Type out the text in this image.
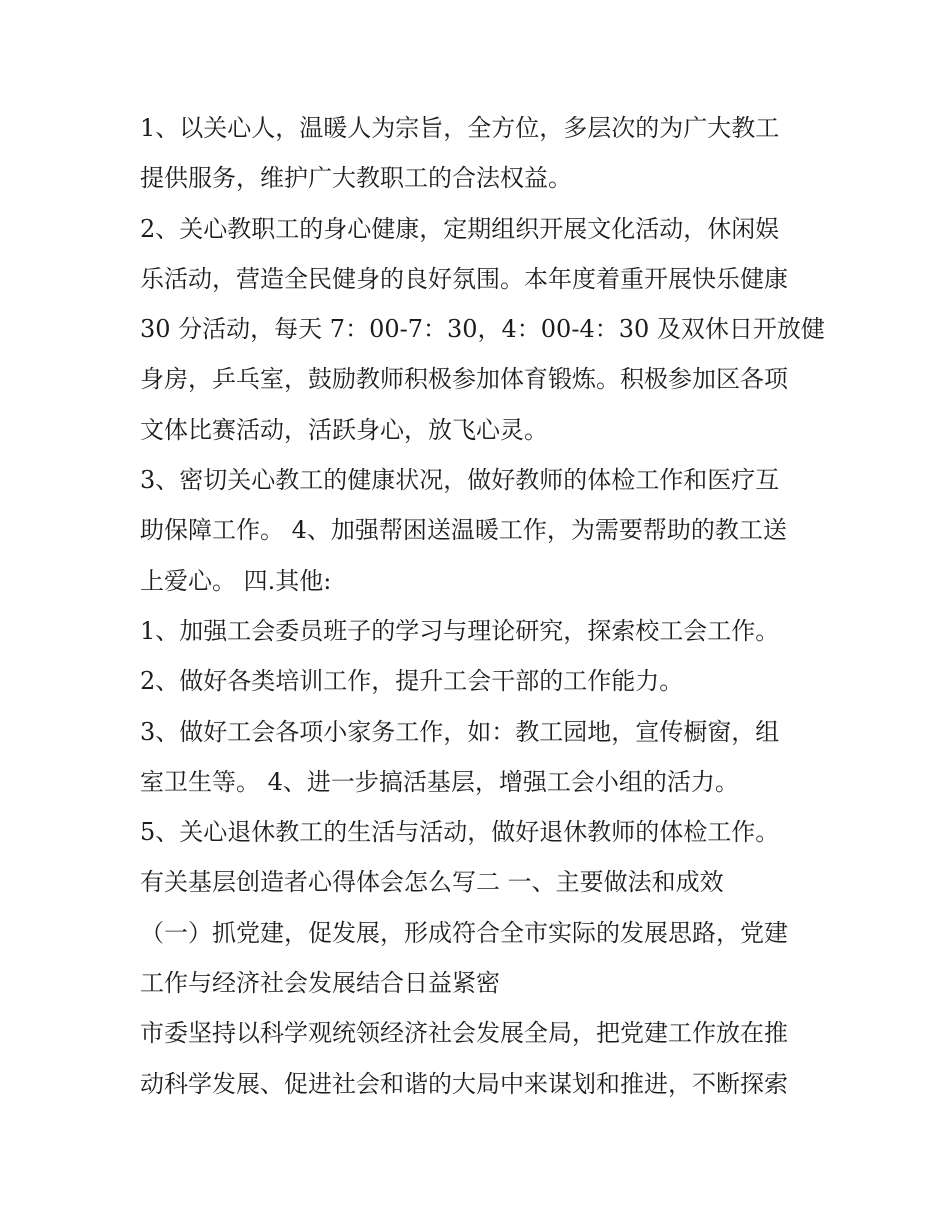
1、以关心人，温暖人为宗旨，全方位，多层次的为广大教工
提供服务，维护广大教职工的合法权益。
2、关心教职工的身心健康，定期组织开展文化活动，休闲娱
乐活动，营造全民健身的良好氛围。本年度着重开展快乐健康
30 分活动，每天 7：00-7：30，4：00-4：30 及双休日开放健
身房，乒乓室，鼓励教师积极参加体育锻炼。积极参加区各项
文体比赛活动，活跃身心，放飞心灵。
3、密切关心教工的健康状况，做好教师的体检工作和医疗互
助保障工作。 4、加强帮困送温暖工作，为需要帮助的教工送
上爱心。 四.其他:
1、加强工会委员班子的学习与理论研究，探索校工会工作。
2、做好各类培训工作，提升工会干部的工作能力。
3、做好工会各项小家务工作，如：教工园地，宣传橱窗，组
室卫生等。 4、进一步搞活基层，增强工会小组的活力。
5、关心退休教工的生活与活动，做好退休教师的体检工作。
有关基层创造者心得体会怎么写二 一、主要做法和成效
（一）抓党建，促发展，形成符合全市实际的发展思路，党建
工作与经济社会发展结合日益紧密
市委坚持以科学观统领经济社会发展全局，把党建工作放在推
动科学发展、促进社会和谐的大局中来谋划和推进，不断探索
